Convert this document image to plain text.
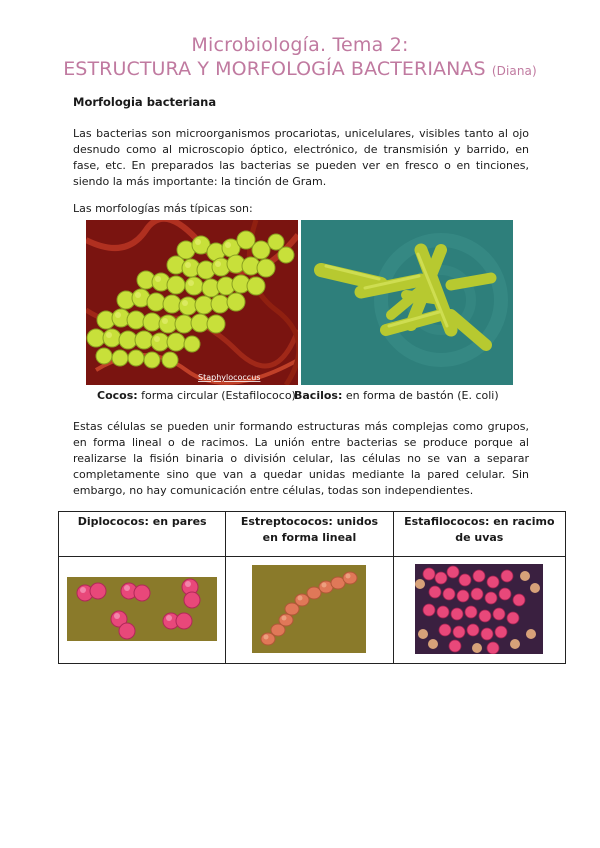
Microbiología. Tema 2:
ESTRUCTURA Y MORFOLOGÍA BACTERIANAS (Diana)
Morfologia bacteriana
Las bacterias son microorganismos procariotas, unicelulares, visibles tanto al ojo desnudo como al microscopio óptico, electrónico, de transmisión y barrido, en fase, etc. En preparados las bacterias se pueden ver en fresco o en tinciones, siendo la más importante: la tinción de Gram.
Las morfologías más típicas son:
Staphylococcus
Cocos: forma circular (Estafilococo)
Bacilos: en forma de bastón (E. coli)
Estas células se pueden unir formando estructuras más complejas como grupos, en forma lineal o de racimos. La unión entre bacterias se produce porque al realizarse la fisión binaria o división celular, las células no se van a separar completamente sino que van a quedar unidas mediante la pared celular. Sin embargo, no hay comunicación entre células, todas son independientes.
Diplococos: en pares	Estreptococos: unidos en forma lineal	Estafilococos: en racimo de uvas
